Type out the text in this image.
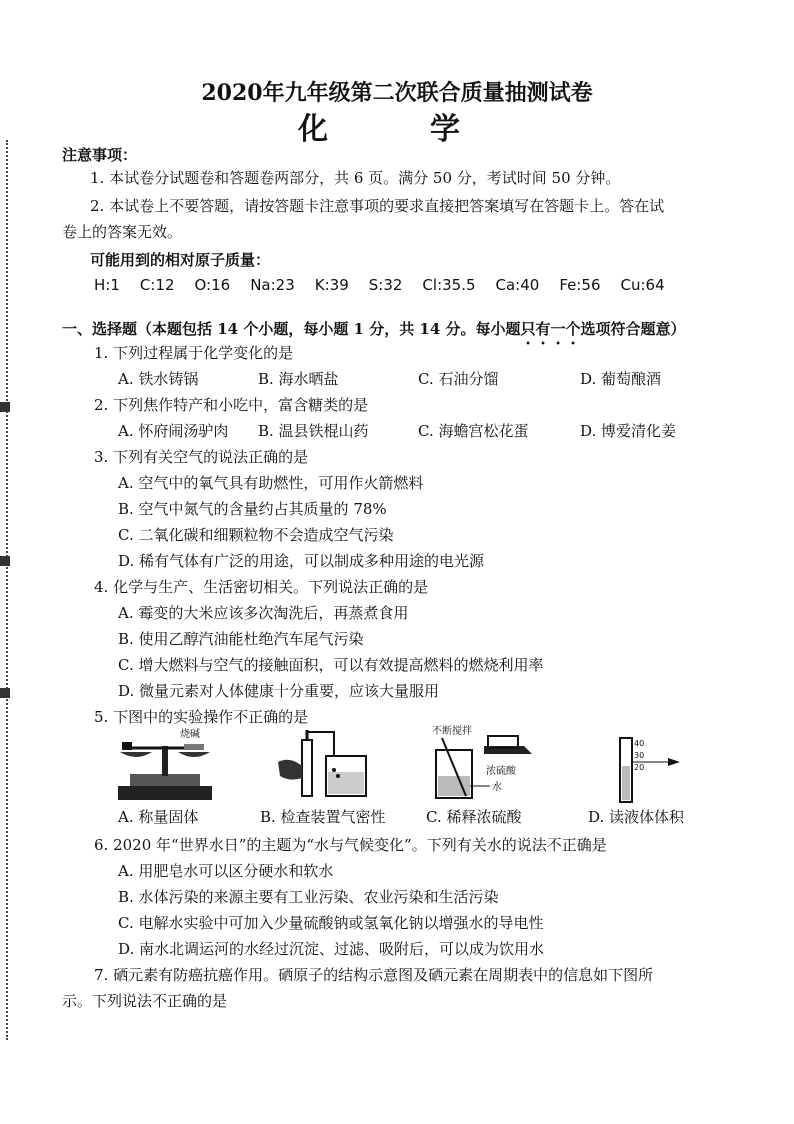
2020年九年级第二次联合质量抽测试卷
化　学
注意事项：
1. 本试卷分试题卷和答题卷两部分，共 6 页。满分 50 分，考试时间 50 分钟。
2. 本试卷上不要答题，请按答题卡注意事项的要求直接把答案填写在答题卡上。答在试
卷上的答案无效。
可能用到的相对原子质量：
H:1 C:12 O:16 Na:23 K:39 S:32 Cl:35.5 Ca:40 Fe:56 Cu:64
一、选择题（本题包括 14 个小题，每小题 1 分，共 14 分。每小题只有一个选项符合题意）
1. 下列过程属于化学变化的是
A. 铁水铸锅	B. 海水晒盐	C. 石油分馏	D. 葡萄酿酒
2. 下列焦作特产和小吃中，富含糖类的是
A. 怀府闹汤驴肉 B. 温县铁棍山药	C. 海蟾宫松花蛋	D. 博爱清化姜
3. 下列有关空气的说法正确的是
A. 空气中的氧气具有助燃性，可用作火箭燃料
B. 空气中氮气的含量约占其质量的 78%
C. 二氧化碳和细颗粒物不会造成空气污染
D. 稀有气体有广泛的用途，可以制成多种用途的电光源
4. 化学与生产、生活密切相关。下列说法正确的是
A. 霉变的大米应该多次淘洗后，再蒸煮食用
B. 使用乙醇汽油能杜绝汽车尾气污染
C. 增大燃料与空气的接触面积，可以有效提高燃料的燃烧利用率
D. 微量元素对人体健康十分重要，应该大量服用
5. 下图中的实验操作不正确的是
烧碱	不断搅拌
浓硫酸
水
40
30
20
A. 称量固体	B. 检查装置气密性	C. 稀释浓硫酸	D. 读液体体积
6. 2020 年“世界水日”的主题为“水与气候变化”。下列有关水的说法不正确是
A. 用肥皂水可以区分硬水和软水
B. 水体污染的来源主要有工业污染、农业污染和生活污染
C. 电解水实验中可加入少量硫酸钠或氢氧化钠以增强水的导电性
D. 南水北调运河的水经过沉淀、过滤、吸附后，可以成为饮用水
7. 硒元素有防癌抗癌作用。硒原子的结构示意图及硒元素在周期表中的信息如下图所
示。下列说法不正确的是
